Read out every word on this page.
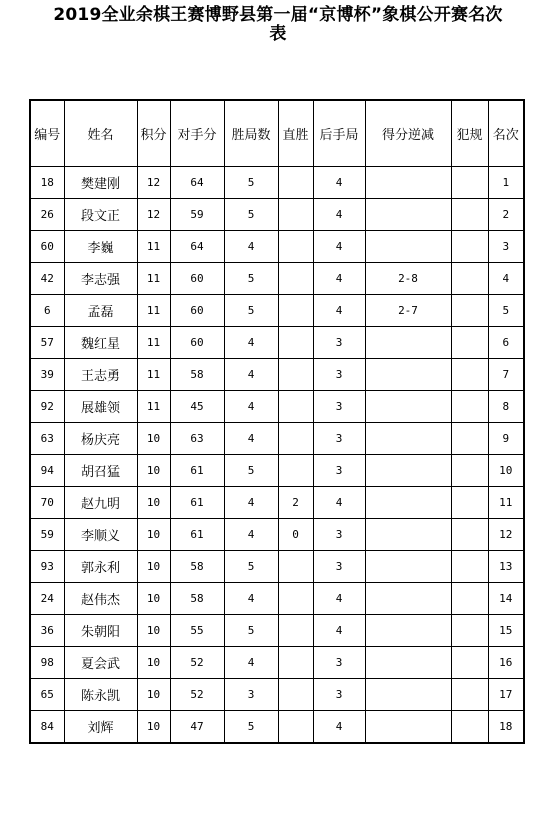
2019全业余棋王赛博野县第一届“京博杯”象棋公开赛名次
表
编号	姓名	积分	对手分	胜局数	直胜	后手局	得分逆减	犯规	名次
18	樊建刚	12	64	5		4			1
26	段文正	12	59	5		4			2
60	李巍	11	64	4		4			3
42	李志强	11	60	5		4	2-8		4
6	孟磊	11	60	5		4	2-7		5
57	魏红星	11	60	4		3			6
39	王志勇	11	58	4		3			7
92	展雄领	11	45	4		3			8
63	杨庆亮	10	63	4		3			9
94	胡召猛	10	61	5		3			10
70	赵九明	10	61	4	2	4			11
59	李顺义	10	61	4	0	3			12
93	郭永利	10	58	5		3			13
24	赵伟杰	10	58	4		4			14
36	朱朝阳	10	55	5		4			15
98	夏会武	10	52	4		3			16
65	陈永凯	10	52	3		3			17
84	刘辉	10	47	5		4			18
